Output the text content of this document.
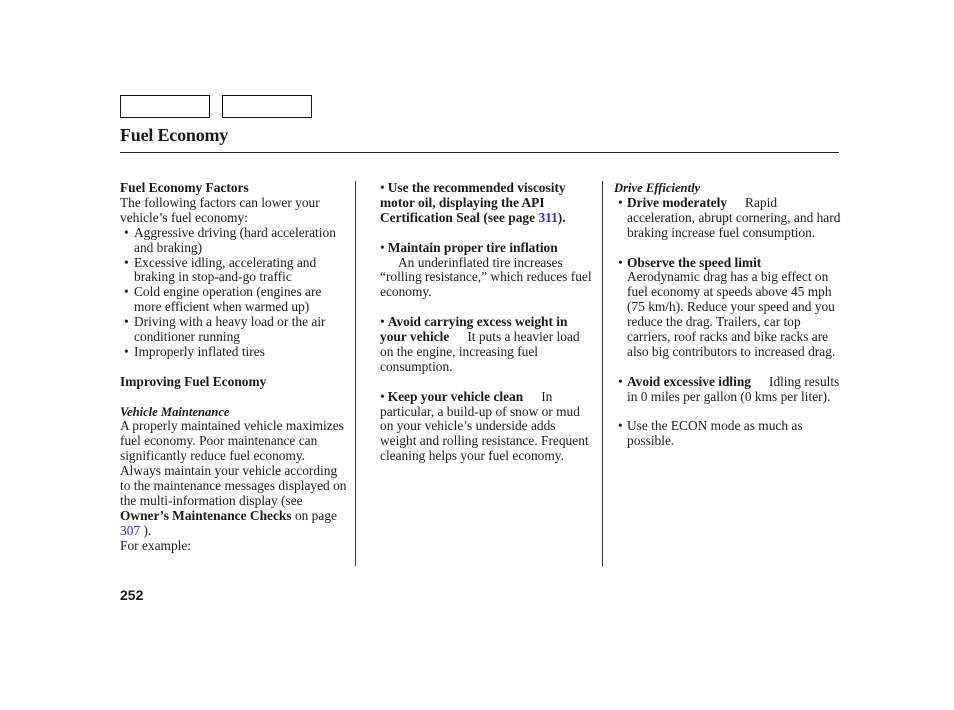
Fuel Economy
Fuel Economy Factors
The following factors can lower your vehicle’s fuel economy:
• Aggressive driving (hard acceleration and braking)
• Excessive idling, accelerating and braking in stop-and-go traffic
• Cold engine operation (engines are more efficient when warmed up)
• Driving with a heavy load or the air conditioner running
• Improperly inflated tires
Improving Fuel Economy
Vehicle Maintenance
A properly maintained vehicle maximizes fuel economy. Poor maintenance can significantly reduce fuel economy. Always maintain your vehicle according to the maintenance messages displayed on the multi-information display (see Owner’s Maintenance Checks on page 307 ).
For example:
• Use the recommended viscosity motor oil, displaying the API Certification Seal (see page 311).
• Maintain proper tire inflation
An underinflated tire increases “rolling resistance,” which reduces fuel economy.
• Avoid carrying excess weight in your vehicle It puts a heavier load on the engine, increasing fuel consumption.
• Keep your vehicle clean In particular, a build-up of snow or mud on your vehicle’s underside adds weight and rolling resistance. Frequent cleaning helps your fuel economy.
Drive Efficiently
• Drive moderately Rapid acceleration, abrupt cornering, and hard braking increase fuel consumption.
• Observe the speed limit
Aerodynamic drag has a big effect on fuel economy at speeds above 45 mph (75 km/h). Reduce your speed and you reduce the drag. Trailers, car top carriers, roof racks and bike racks are also big contributors to increased drag.
• Avoid excessive idling Idling results in 0 miles per gallon (0 kms per liter).
• Use the ECON mode as much as possible.
252
